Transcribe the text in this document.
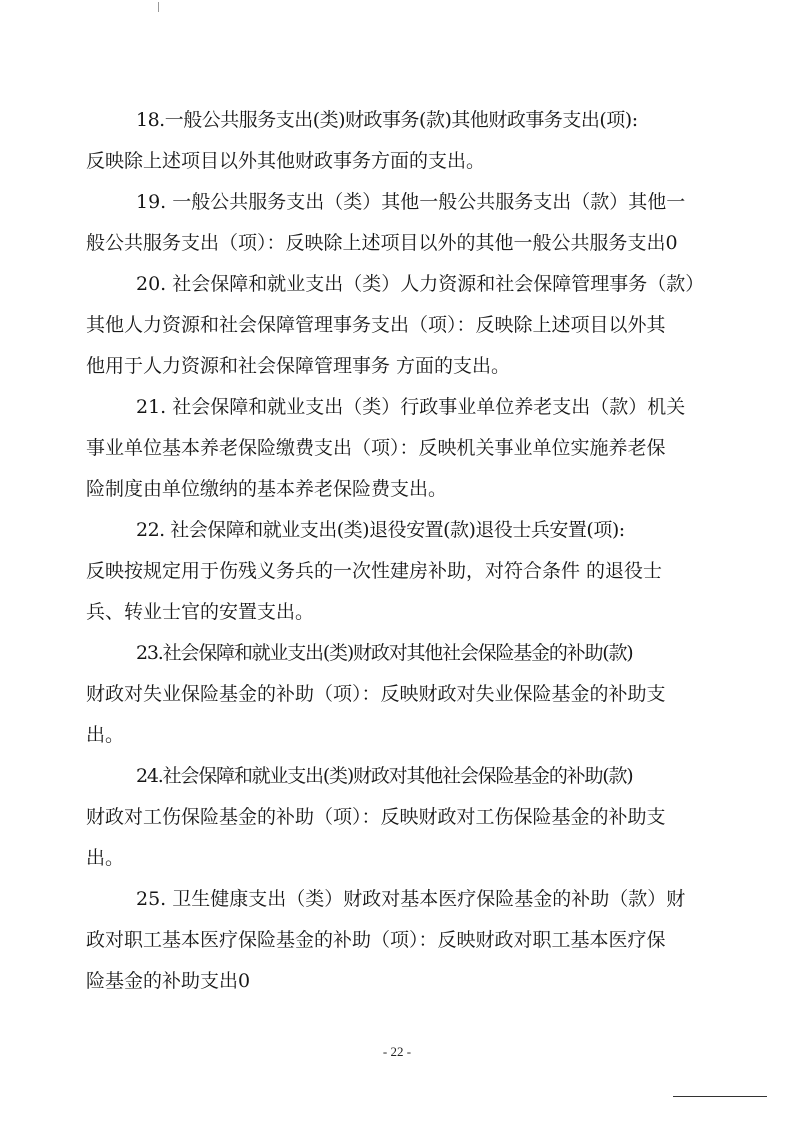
18.一般公共服务支出(类)财政事务(款)其他财政事务支出(项):
反映除上述项目以外其他财政事务方面的支出。
19. 一般公共服务支出（类）其他一般公共服务支出（款）其他一
般公共服务支出（项）：反映除上述项目以外的其他一般公共服务支出0
20. 社会保障和就业支出（类）人力资源和社会保障管理事务（款）
其他人力资源和社会保障管理事务支出（项）：反映除上述项目以外其
他用于人力资源和社会保障管理事务 方面的支出。
21. 社会保障和就业支出（类）行政事业单位养老支出（款）机关
事业单位基本养老保险缴费支出（项）：反映机关事业单位实施养老保
险制度由单位缴纳的基本养老保险费支出。
22. 社会保障和就业支出(类)退役安置(款)退役士兵安置(项):
反映按规定用于伤残义务兵的一次性建房补助，对符合条件 的退役士
兵、转业士官的安置支出。
23.社会保障和就业支出(类)财政对其他社会保险基金的补助(款)
财政对失业保险基金的补助（项）：反映财政对失业保险基金的补助支
出。
24.社会保障和就业支出(类)财政对其他社会保险基金的补助(款)
财政对工伤保险基金的补助（项）：反映财政对工伤保险基金的补助支
出。
25. 卫生健康支出（类）财政对基本医疗保险基金的补助（款）财
政对职工基本医疗保险基金的补助（项）：反映财政对职工基本医疗保
险基金的补助支出0
- 22 -
